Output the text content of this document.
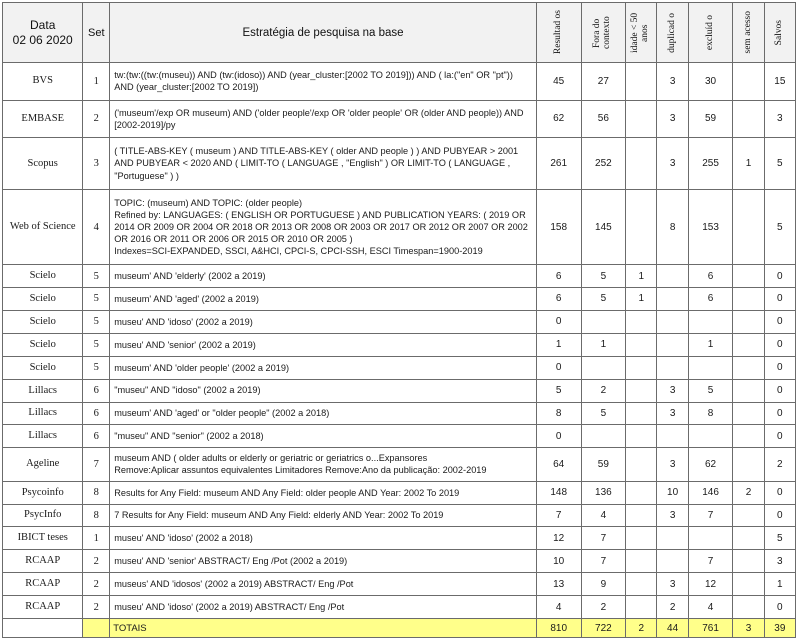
Data
02 06 2020	Set	Estratégia de pesquisa na base	Resultad os	Fora do contexto	idade < 50 anos	duplicad o	excluíd o	sem acesso	Salvos

BVS	1	tw:(tw:((tw:(museu)) AND (tw:(idoso)) AND (year_cluster:[2002 TO 2019])) AND ( la:("en" OR "pt")) AND (year_cluster:[2002 TO 2019])	45	27		3	30		15
EMBASE	2	('museum'/exp OR museum) AND ('older people'/exp OR 'older people' OR (older AND people)) AND [2002-2019]/py	62	56		3	59		3
Scopus	3	( TITLE-ABS-KEY ( museum ) AND TITLE-ABS-KEY ( older AND people ) ) AND PUBYEAR > 2001 AND PUBYEAR < 2020 AND ( LIMIT-TO ( LANGUAGE , "English" ) OR LIMIT-TO ( LANGUAGE , "Portuguese" ) )	261	252		3	255	1	5
Web of Science	4	TOPIC: (museum) AND TOPIC: (older people)
Refined by: LANGUAGES: ( ENGLISH OR PORTUGUESE ) AND PUBLICATION YEARS: ( 2019 OR 2014 OR 2009 OR 2004 OR 2018 OR 2013 OR 2008 OR 2003 OR 2017 OR 2012 OR 2007 OR 2002 OR 2016 OR 2011 OR 2006 OR 2015 OR 2010 OR 2005 )
Indexes=SCI-EXPANDED, SSCI, A&HCI, CPCI-S, CPCI-SSH, ESCI Timespan=1900-2019	158	145		8	153		5
Scielo	5	museum' AND 'elderly' (2002 a 2019)	6	5	1		6		0
Scielo	5	museum' AND 'aged' (2002 a 2019)	6	5	1		6		0
Scielo	5	museu' AND 'idoso' (2002 a 2019)	0						0
Scielo	5	museu' AND 'senior' (2002 a 2019)	1	1			1		0
Scielo	5	museum' AND 'older people' (2002 a 2019)	0						0
Lillacs	6	"museu" AND "idoso" (2002 a 2019)	5	2		3	5		0
Lillacs	6	museum' AND 'aged' or "older people" (2002 a 2018)	8	5		3	8		0
Lillacs	6	"museu" AND "senior" (2002 a 2018)	0						0
Ageline	7	museum AND ( older adults or elderly or geriatric or geriatrics o...Expansores
Remove:Aplicar assuntos equivalentes Limitadores Remove:Ano da publicação: 2002-2019	64	59		3	62		2
Psycoinfo	8	Results for Any Field: museum AND Any Field: older people AND Year: 2002 To 2019	148	136		10	146	2	0
PsycInfo	8	7 Results for Any Field: museum AND Any Field: elderly AND Year: 2002 To 2019	7	4		3	7		0
IBICT teses	1	museu' AND 'idoso' (2002 a 2018)	12	7					5
RCAAP	2	museu' AND 'senior' ABSTRACT/ Eng /Pot (2002 a 2019)	10	7			7		3
RCAAP	2	museus' AND 'idosos' (2002 a 2019) ABSTRACT/ Eng /Pot	13	9		3	12		1
RCAAP	2	museu' AND 'idoso' (2002 a 2019) ABSTRACT/ Eng /Pot	4	2		2	4		0
		TOTAIS	810	722	2	44	761	3	39
